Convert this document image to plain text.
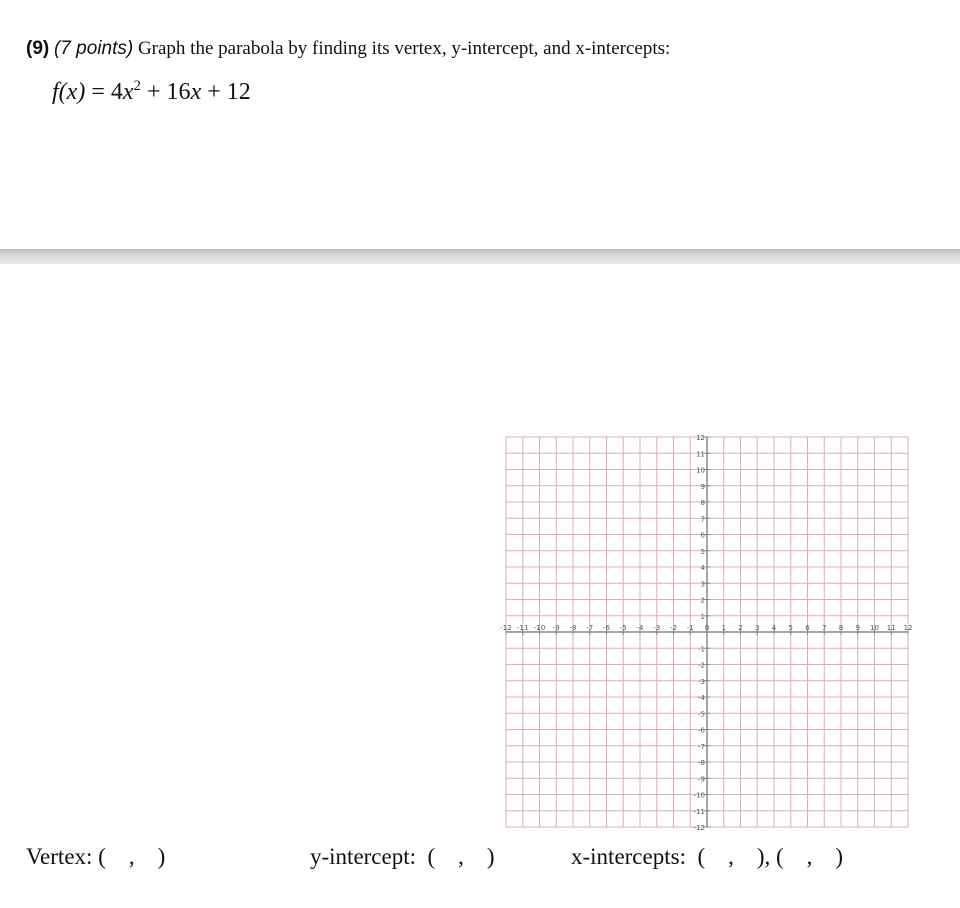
(9) (7 points) Graph the parabola by finding its vertex, y-intercept, and x-intercepts:
$f(x) = 4x^2 + 16x + 12$
-12 -11 -10 -9 -8 -7 -6 -5 -4 -3 -2 -1 0 1 2 3 4 5 6 7 8 9 10 11 12
12
11
10
9
8
7
6
5
4
3
2
1
-1
-2
-3
-4
-5
-6
-7
-8
-9
-10
-11
-12
Vertex: (    ,    )	y-intercept:  (    ,    )	x-intercepts:  (    ,    ), (    ,    )
